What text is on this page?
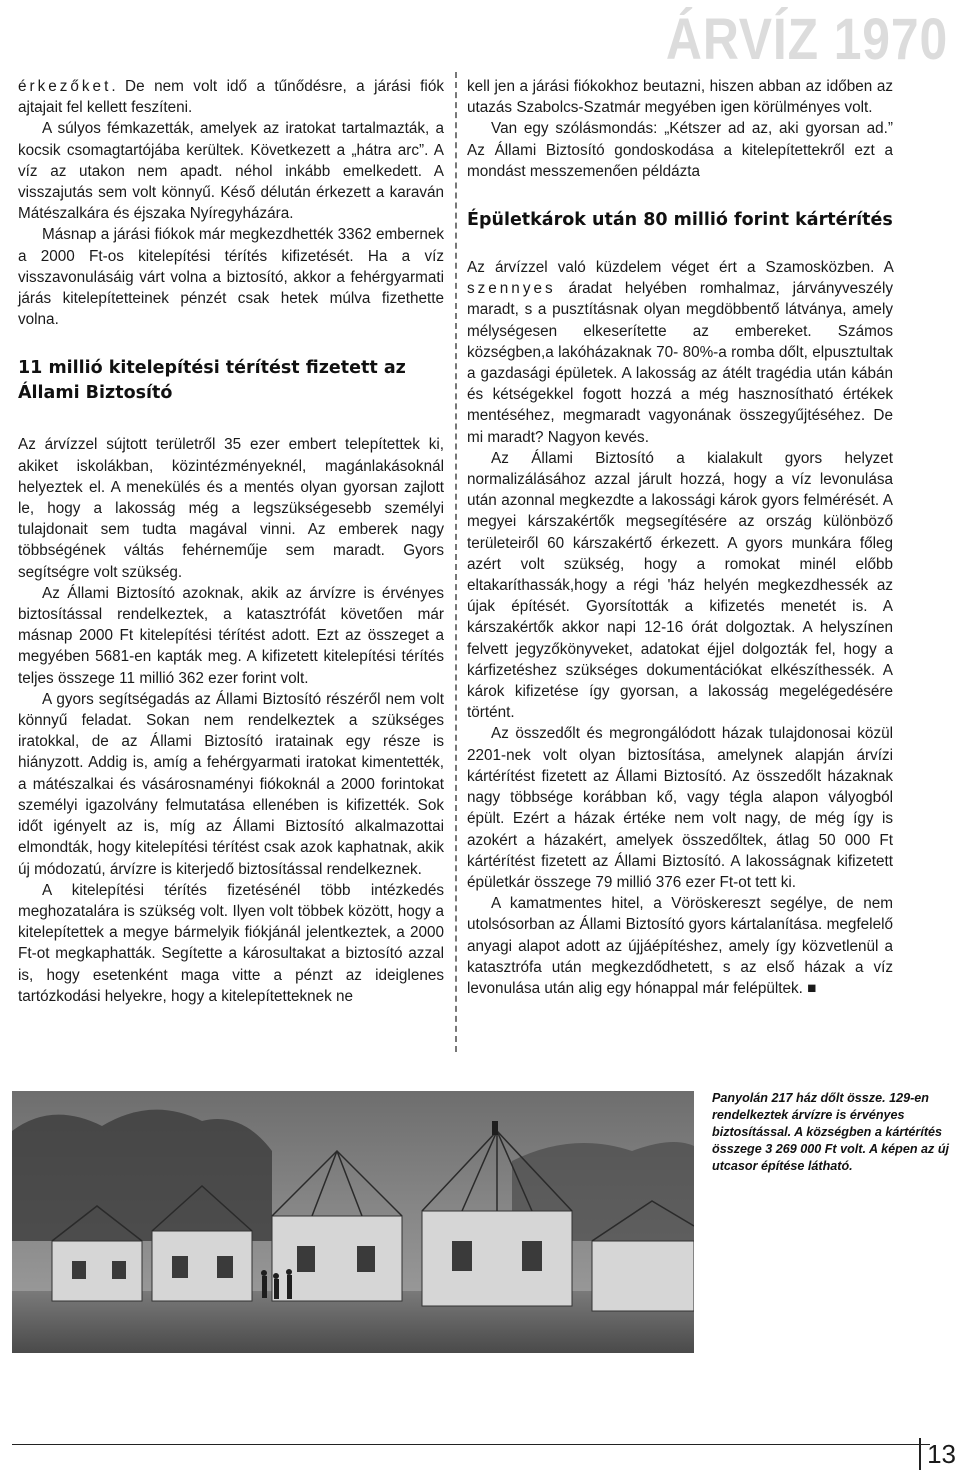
ÁRVÍZ 1970

érkezőket. De nem volt idő a tűnődésre, a járási fiók ajtajait fel kellett feszíteni.

A súlyos fémkazetták, amelyek az iratokat tartalmazták, a kocsik csomagtartójába kerültek. Következett a „hátra arc”. A víz az utakon nem apadt. néhol inkább emelkedett. A visszajutás sem volt könnyű. Késő délután érkezett a karaván Mátészalkára és éjszaka Nyíregyházára.

Másnap a járási fiókok már megkezdhették 3362 embernek a 2000 Ft-os kitelepítési térítés kifizetését. Ha a víz visszavonulásáig várt volna a biztosító, akkor a fehérgyarmati járás kitelepítetteinek pénzét csak hetek múlva fizethette volna.

11 millió kitelepítési térítést fizetett az Állami Biztosító

Az árvízzel sújtott területről 35 ezer embert telepítettek ki, akiket iskolákban, közintézményeknél, magánlakásoknál helyeztek el. A menekülés és a mentés olyan gyorsan zajlott le, hogy a lakosság még a legszükségesebb személyi tulajdonait sem tudta magával vinni. Az emberek nagy többségének váltás fehérneműje sem maradt. Gyors segítségre volt szükség.

Az Állami Biztosító azoknak, akik az árvízre is érvényes biztosítással rendelkeztek, a katasztrófát követően már másnap 2000 Ft kitelepítési térítést adott. Ezt az összeget a megyében 5681-en kapták meg. A kifizetett kitelepítési térítés teljes összege 11 millió 362 ezer forint volt.

A gyors segítségadás az Állami Biztosító részéről nem volt könnyű feladat. Sokan nem rendelkeztek a szükséges iratokkal, de az Állami Biztosító iratainak egy része is hiányzott. Addig is, amíg a fehérgyarmati iratokat kimentették, a mátészalkai és vásárosnaményi fiókoknál a 2000 forintokat személyi igazolvány felmutatása ellenében is kifizették. Sok időt igényelt az is, míg az Állami Biztosító alkalmazottai elmondták, hogy kitelepítési térítést csak azok kaphatnak, akik új módozatú, árvízre is kiterjedő biztosítással rendelkeznek.

A kitelepítési térítés fizetésénél több intézkedés meghozatalára is szükség volt. Ilyen volt többek között, hogy a kitelepítettek a megye bármelyik fiókjánál jelentkeztek, a 2000 Ft-ot megkaphatták. Segítette a károsultakat a biztosító azzal is, hogy esetenként maga vitte a pénzt az ideiglenes tartózkodási helyekre, hogy a kitelepítetteknek ne

kell jen a járási fiókokhoz beutazni, hiszen abban az időben az utazás Szabolcs-Szatmár megyében igen körülményes volt.

Van egy szólásmondás: „Kétszer ad az, aki gyorsan ad.” Az Állami Biztosító gondoskodása a kitelepítettekről ezt a mondást messzemenően példázta

Épületkárok után 80 millió forint kártérítés

Az árvízzel való küzdelem véget ért a Szamosközben. A szennyes áradat helyében romhalmaz, járványveszély maradt, s a pusztításnak olyan megdöbbentő látványa, amely mélységesen elkeserítette az embereket. Számos községben,a lakóházaknak 70- 80%-a romba dőlt, elpusztultak a gazdasági épületek. A lakosság az átélt tragédia után kábán és kétségekkel fogott hozzá a még hasznosítható értékek mentéséhez, megmaradt vagyonának összegyűjtéséhez. De mi maradt? Nagyon kevés.

Az Állami Biztosító a kialakult gyors helyzet normalizálásához azzal járult hozzá, hogy a víz levonulása után azonnal megkezdte a lakossági károk gyors felmérését. A megyei kárszakértők megsegítésére az ország különböző területeiről 60 kárszakértő érkezett. A gyors munkára főleg azért volt szükség, hogy a romokat minél előbb eltakaríthassák,hogy a régi 'ház helyén megkezdhessék az újak építését. Gyorsították a kifizetés menetét is. A kárszakértők akkor napi 12-16 órát dolgoztak. A helyszínen felvett jegyzőkönyveket, adatokat éjjel dolgozták fel, hogy a kárfizetéshez szükséges dokumentációkat elkészíthessék. A károk kifizetése így gyorsan, a lakosság megelégedésére történt.

Az összedőlt és megrongálódott házak tulajdonosai közül 2201-nek volt olyan biztosítása, amelynek alapján árvízi kártérítést fizetett az Állami Biztosító. Az összedőlt házaknak nagy többsége korábban kő, vagy tégla alapon vályogból épült. Ezért a házak értéke nem volt nagy, de még így is azokért a házakért, amelyek összedőltek, átlag 50 000 Ft kártérítést fizetett az Állami Biztosító. A lakosságnak kifizetett épületkár összege 79 millió 376 ezer Ft-ot tett ki.

A kamatmentes hitel, a Vöröskereszt segélye, de nem utolsósorban az Állami Biztosító gyors kártalanítása. megfelelő anyagi alapot adott az újjáépítéshez, amely így közvetlenül a katasztrófa után megkezdődhetett, s az első házak a víz levonulása után alig egy hónappal már felépültek. ■

Panyolán 217 ház dőlt össze. 129-en rendelkeztek árvízre is érvényes biztosítással. A községben a kártérítés összege 3 269 000 Ft volt. A képen az új utcasor építése látható.
13
